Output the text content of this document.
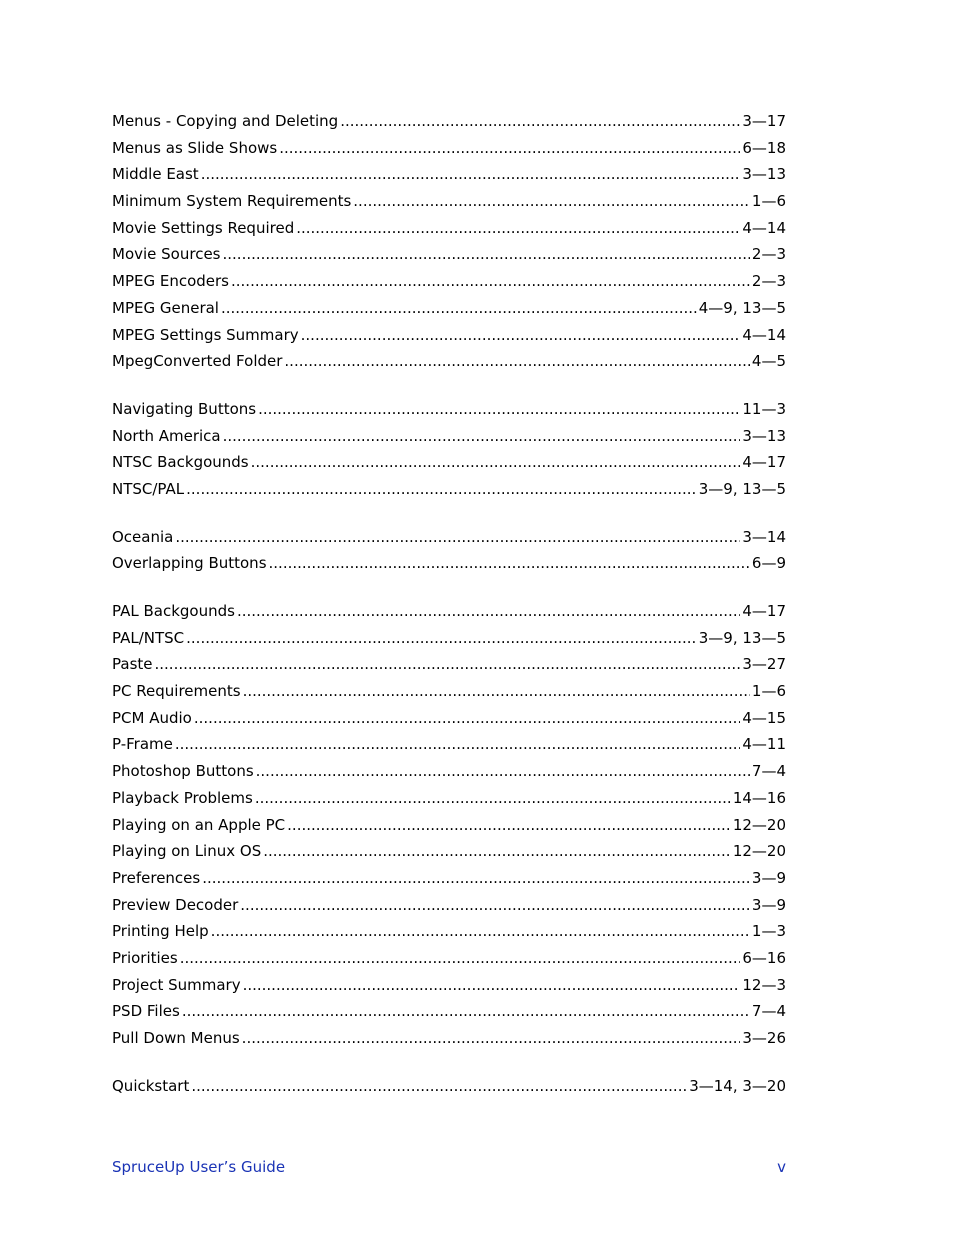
Menus - Copying and Deleting .....	3—17
Menus as Slide Shows .....	6—18
Middle East .....	3—13
Minimum System Requirements .....	1—6
Movie Settings Required .....	4—14
Movie Sources .....	2—3
MPEG Encoders .....	2—3
MPEG General .....	4—9, 13—5
MPEG Settings Summary .....	4—14
MpegConverted Folder .....	4—5
Navigating Buttons .....	11—3
North America .....	3—13
NTSC Backgounds .....	4—17
NTSC/PAL .....	3—9, 13—5
Oceania .....	3—14
Overlapping Buttons .....	6—9
PAL Backgounds .....	4—17
PAL/NTSC .....	3—9, 13—5
Paste .....	3—27
PC Requirements .....	1—6
PCM Audio .....	4—15
P-Frame .....	4—11
Photoshop Buttons .....	7—4
Playback Problems .....	14—16
Playing on an Apple PC .....	12—20
Playing on Linux OS .....	12—20
Preferences .....	3—9
Preview Decoder .....	3—9
Printing Help .....	1—3
Priorities .....	6—16
Project Summary .....	12—3
PSD Files .....	7—4
Pull Down Menus .....	3—26
Quickstart .....	3—14, 3—20
SpruceUp User’s Guide	v
